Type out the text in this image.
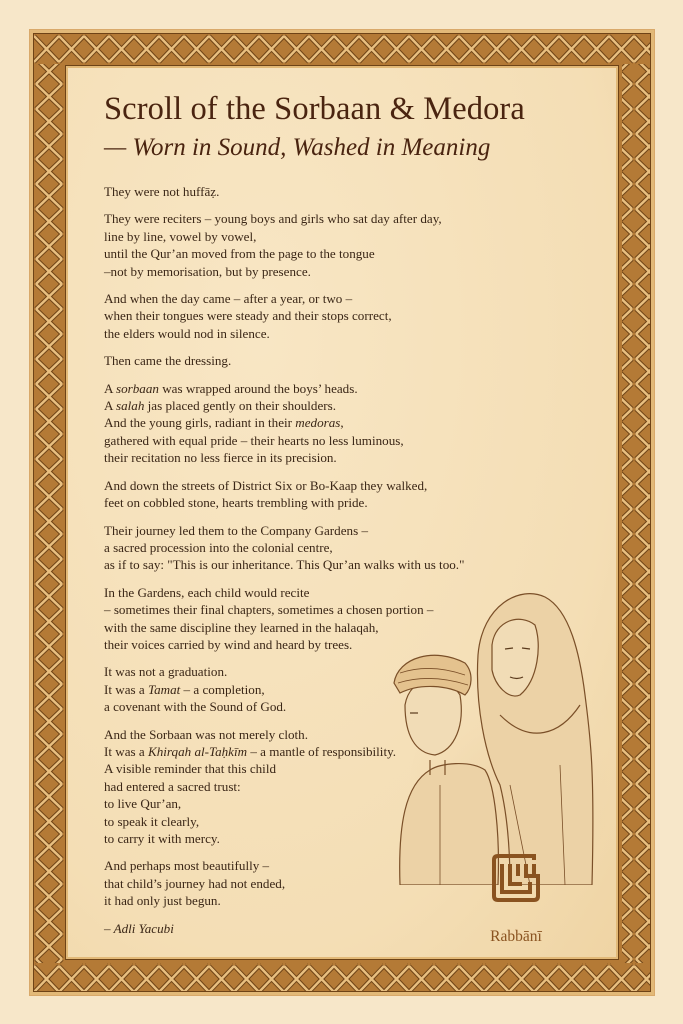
Scroll of the Sorbaan & Medora
— Worn in Sound, Washed in Meaning

They were not huffāẓ.

They were reciters – young boys and girls who sat day after day,
line by line, vowel by vowel,
until the Qur’an moved from the page to the tongue
–not by memorisation, but by presence.

And when the day came – after a year, or two –
when their tongues were steady and their stops correct,
the elders would nod in silence.

Then came the dressing.

A sorbaan was wrapped around the boys’ heads.
A salah jas placed gently on their shoulders.
And the young girls, radiant in their medoras,
gathered with equal pride – their hearts no less luminous,
their recitation no less fierce in its precision.

And down the streets of District Six or Bo-Kaap they walked,
feet on cobbled stone, hearts trembling with pride.

Their journey led them to the Company Gardens –
a sacred procession into the colonial centre,
as if to say: "This is our inheritance. This Qur’an walks with us too."

In the Gardens, each child would recite
– sometimes their final chapters, sometimes a chosen portion –
with the same discipline they learned in the halaqah,
their voices carried by wind and heard by trees.

It was not a graduation.
It was a Tamat – a completion,
a covenant with the Sound of God.

And the Sorbaan was not merely cloth.
It was a Khirqah al-Taḥkīm – a mantle of responsibility.
A visible reminder that this child
had entered a sacred trust:
to live Qur’an,
to speak it clearly,
to carry it with mercy.

And perhaps most beautifully –
that child’s journey had not ended,
it had only just begun.

– Adli Yacubi	Rabbānī
